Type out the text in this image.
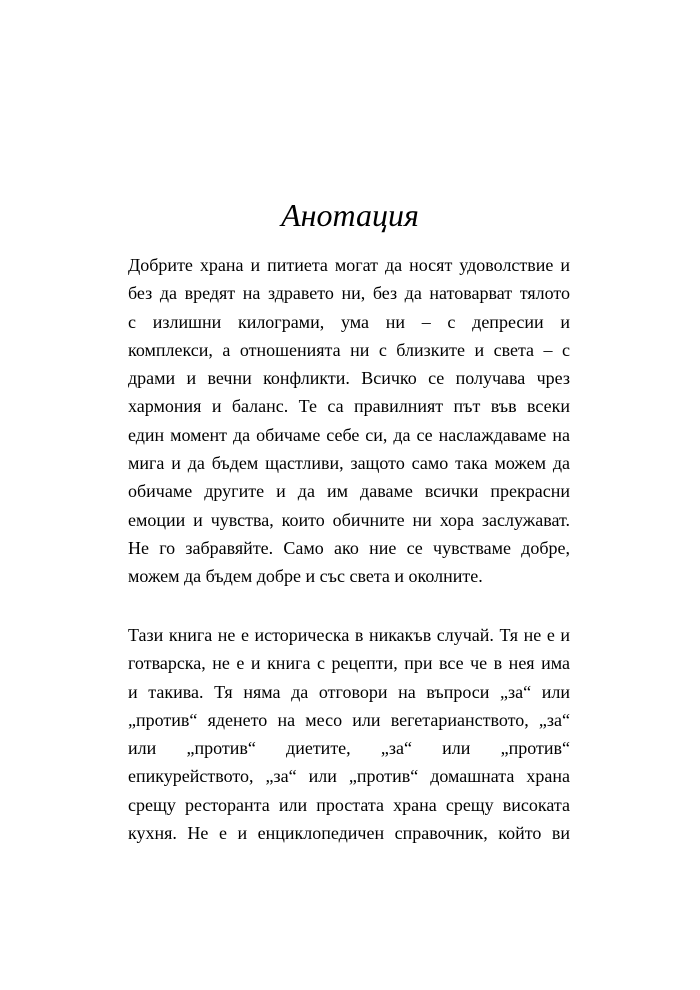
Анотация
Добрите храна и питиета могат да носят удоволствие и
без да вредят на здравето ни, без да натоварват тялото
с излишни килограми, ума ни – с депресии и
комплекси, а отношенията ни с близките и света – с
драми и вечни конфликти. Всичко се получава чрез
хармония и баланс. Те са правилният път във всеки
един момент да обичаме себе си, да се наслаждаваме на
мига и да бъдем щастливи, защото само така можем да
обичаме другите и да им даваме всички прекрасни
емоции и чувства, които обичните ни хора заслужават.
Не го забравяйте. Само ако ние се чувстваме добре,
можем да бъдем добре и със света и околните.
Тази книга не е историческа в никакъв случай. Тя не е и
готварска, не е и книга с рецепти, при все че в нея има
и такива. Тя няма да отговори на въпроси „за“ или
„против“ яденето на месо или вегетарианството, „за“
или „против“ диетите, „за“ или „против“
епикурейството, „за“ или „против“ домашната храна
срещу ресторанта или простата храна срещу високата
кухня. Не е и енциклопедичен справочник, който ви
